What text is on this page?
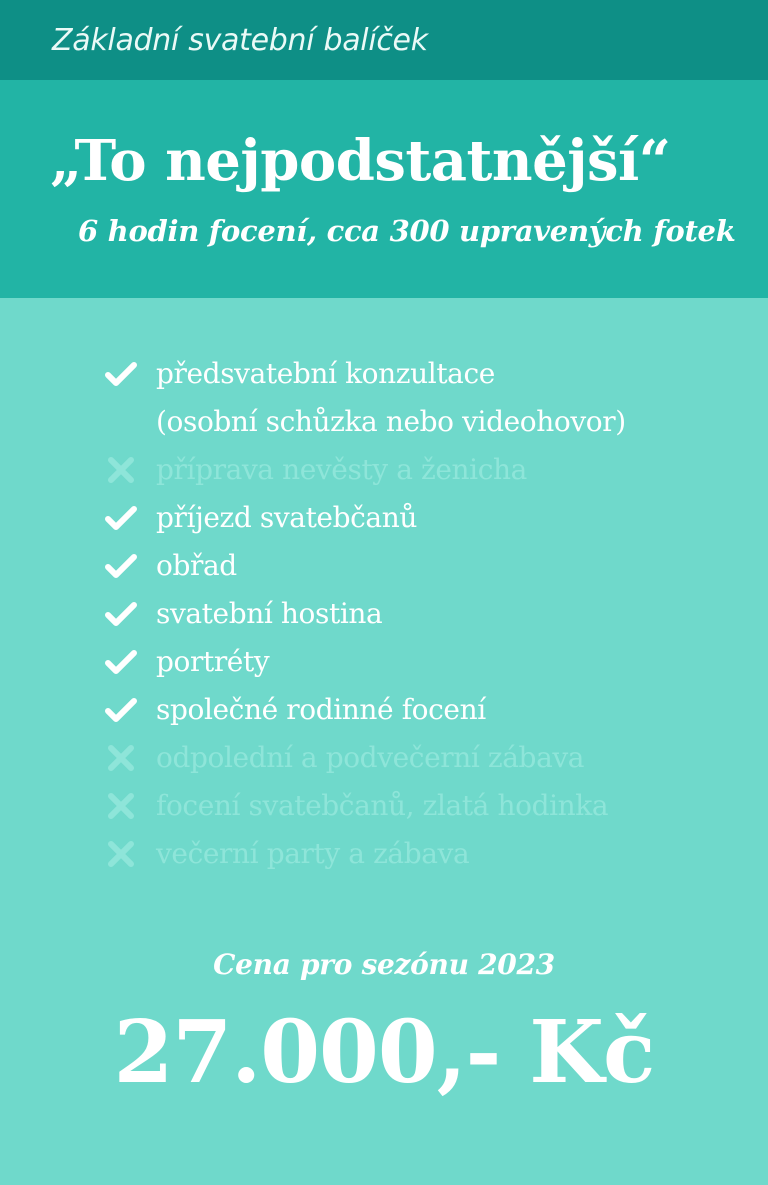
Základní svatební balíček
„To nejpodstatnější“
6 hodin focení, cca 300 upravených fotek
předsvatební konzultace
(osobní schůzka nebo videohovor)
příprava nevěsty a ženicha
příjezd svatebčanů
obřad
svatební hostina
portréty
společné rodinné focení
odpolední a podvečerní zábava
focení svatebčanů, zlatá hodinka
večerní party a zábava
Cena pro sezónu 2023
27.000,- Kč
